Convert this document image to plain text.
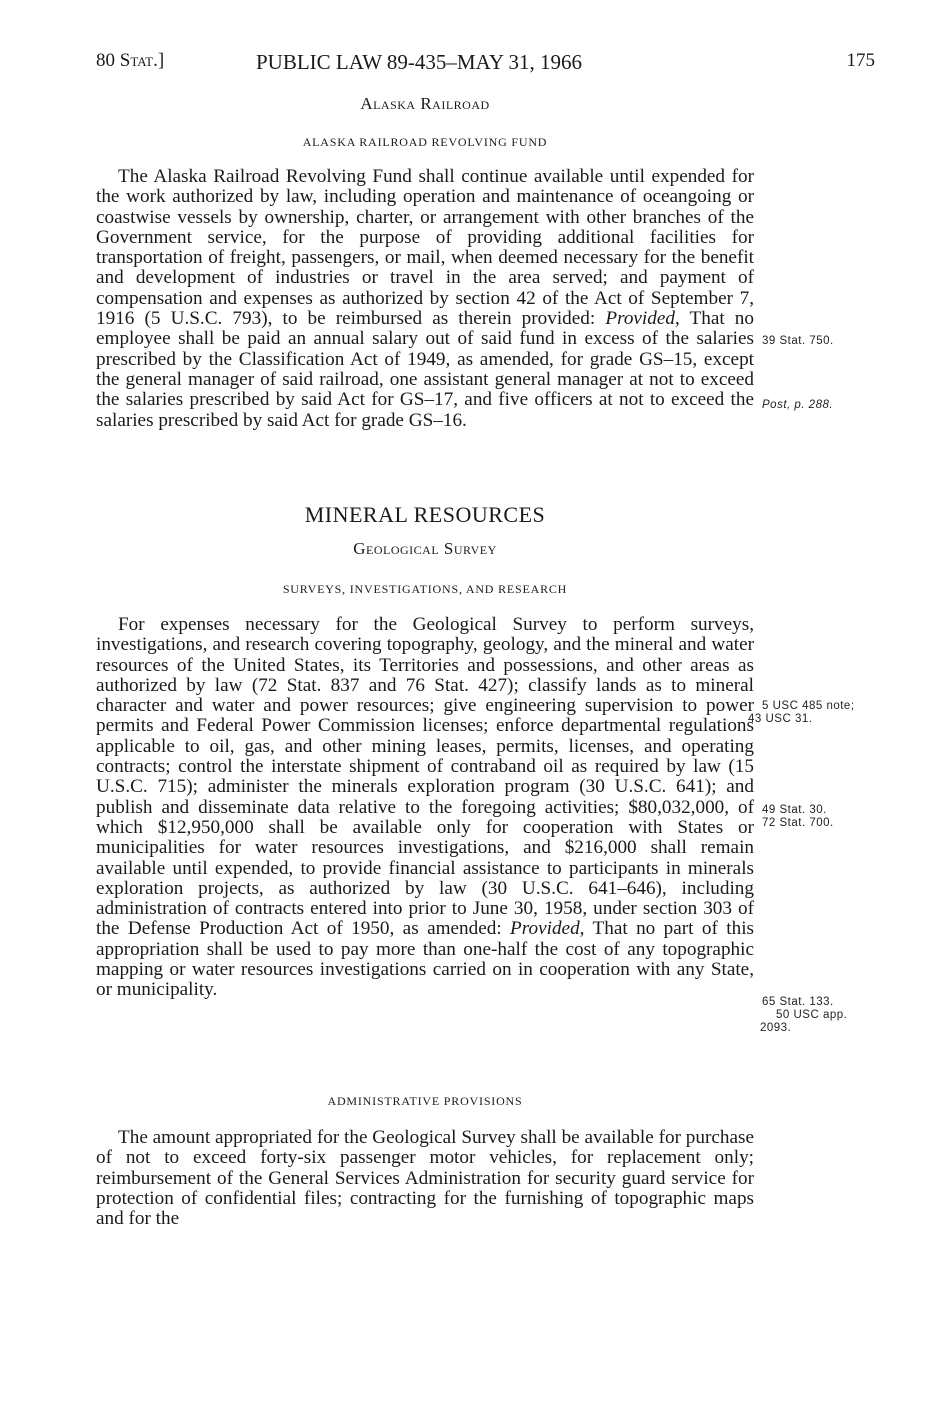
80 Stat.]	PUBLIC LAW 89-435–MAY 31, 1966	175
Alaska Railroad
ALASKA RAILROAD REVOLVING FUND

The Alaska Railroad Revolving Fund shall continue available until expended for the work authorized by law, including operation and maintenance of oceangoing or coastwise vessels by ownership, charter, or arrangement with other branches of the Government service, for the purpose of providing additional facilities for transportation of freight, passengers, or mail, when deemed necessary for the benefit and development of industries or travel in the area served; and payment of compensation and expenses as authorized by section 42 of the Act of September 7, 1916 (5 U.S.C. 793), to be reimbursed as therein provided: Provided, That no employee shall be paid an annual salary out of said fund in excess of the salaries prescribed by the Classification Act of 1949, as amended, for grade GS–15, except the general manager of said railroad, one assistant general manager at not to exceed the salaries prescribed by said Act for GS–17, and five officers at not to exceed the salaries prescribed by said Act for grade GS–16.

MINERAL RESOURCES
Geological Survey
SURVEYS, INVESTIGATIONS, AND RESEARCH

For expenses necessary for the Geological Survey to perform surveys, investigations, and research covering topography, geology, and the mineral and water resources of the United States, its Territories and possessions, and other areas as authorized by law (72 Stat. 837 and 76 Stat. 427); classify lands as to mineral character and water and power resources; give engineering supervision to power permits and Federal Power Commission licenses; enforce departmental regulations applicable to oil, gas, and other mining leases, permits, licenses, and operating contracts; control the interstate shipment of contraband oil as required by law (15 U.S.C. 715); administer the minerals exploration program (30 U.S.C. 641); and publish and disseminate data relative to the foregoing activities; $80,032,000, of which $12,950,000 shall be available only for cooperation with States or municipalities for water resources investigations, and $216,000 shall remain available until expended, to provide financial assistance to participants in minerals exploration projects, as authorized by law (30 U.S.C. 641–646), including administration of contracts entered into prior to June 30, 1958, under section 303 of the Defense Production Act of 1950, as amended: Provided, That no part of this appropriation shall be used to pay more than one-half the cost of any topographic mapping or water resources investigations carried on in cooperation with any State, or municipality.

ADMINISTRATIVE PROVISIONS

The amount appropriated for the Geological Survey shall be available for purchase of not to exceed forty-six passenger motor vehicles, for replacement only; reimbursement of the General Services Administration for security guard service for protection of confidential files; contracting for the furnishing of topographic maps and for the

39 Stat. 750.
Post, p. 288.
5 USC 485 note;
43 USC 31.
49 Stat. 30.
72 Stat. 700.
65 Stat. 133.
50 USC app.
2093.
